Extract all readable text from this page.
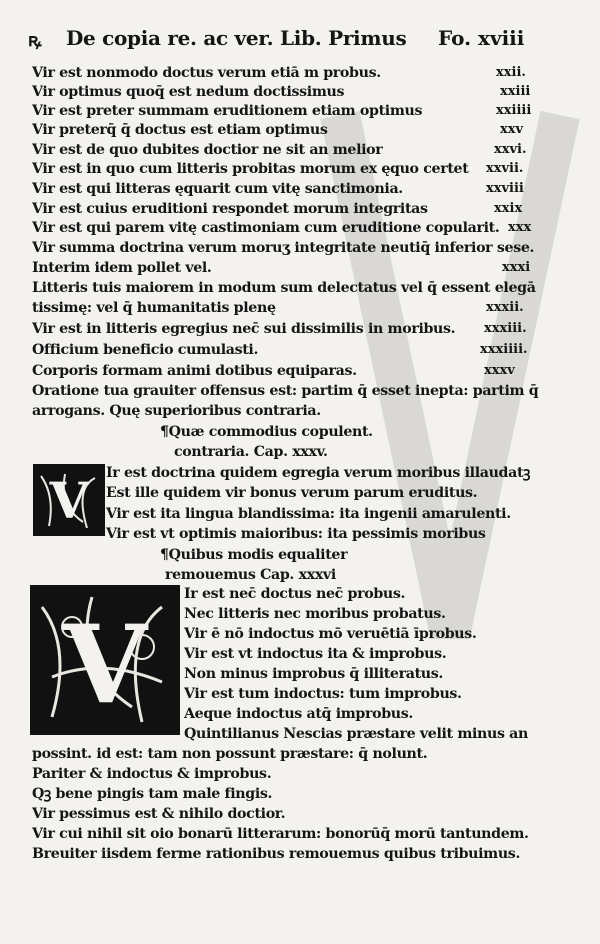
ꝶ De copia re. ac ver. Lib. Primus Fo. xviii
Vir est nonmodo doctus verum etiā m probus.	xxii.
Vir optimus quoq̄ est nedum doctissimus	xxiii
Vir est preter summam eruditionem etiam optimus	xxiiii
Vir preterq̄ q̄ doctus est etiam optimus	xxv
Vir est de quo dubites doctior ne sit an melior	xxvi.
Vir est in quo cum litteris probitas morum ex ęquo certet xxvii.
Vir est qui litteras ęquarit cum vitę sanctimonia.	xxviii
Vir est cuius eruditioni respondet morum integritas	xxix
Vir est qui parem vitę castimoniam cum eruditione copularit. xxx
Vir summa doctrina verum moruʒ integritate neutiq̄ inferior sese.
Interim idem pollet vel.	xxxi
Litteris tuis maiorem in modum sum delectatus vel q̄ essent elegā
tissimę: vel q̄ humanitatis plenę	xxxii.
Vir est in litteris egregius nec̄ sui dissimilis in moribus. xxxiii.
Officium beneficio cumulasti.	xxxiiii.
Corporis formam animi dotibus equiparas.	xxxv
Oratione tua grauiter offensus est: partim q̄ esset inepta: partim q̄
arrogans. Quę superioribus contraria.
¶Quæ commodius copulent.
contraria. Cap. xxxv.
V Ir est doctrina quidem egregia verum moribus illaudatꝫ
Est ille quidem vir bonus verum parum eruditus.
Vir est ita lingua blandissima: ita ingenii amarulenti.
Vir est vt optimis maioribus: ita pessimis moribus
¶Quibus modis equaliter
remouemus Cap. xxxvi
V
Ir est nec̄ doctus nec̄ probus.
Nec litteris nec moribus probatus.
Vir ē nō indoctus mō veruētiā īprobus.
Vir est vt indoctus ita & improbus.
Non minus improbus q̄ illiteratus.
Vir est tum indoctus: tum improbus.
Aeque indoctus atq̄ improbus.
Quintilianus Nescias præstare velit minus an
possint. id est: tam non possunt præstare: q̄ nolunt.
Pariter & indoctus & improbus.
Qꝫ bene pingis tam male fingis.
Vir pessimus est & nihilo doctior.
Vir cui nihil sit oio bonarū litterarum: bonorūq̄ morū tantundem.
Breuiter iisdem ferme rationibus remouemus quibus tribuimus.
